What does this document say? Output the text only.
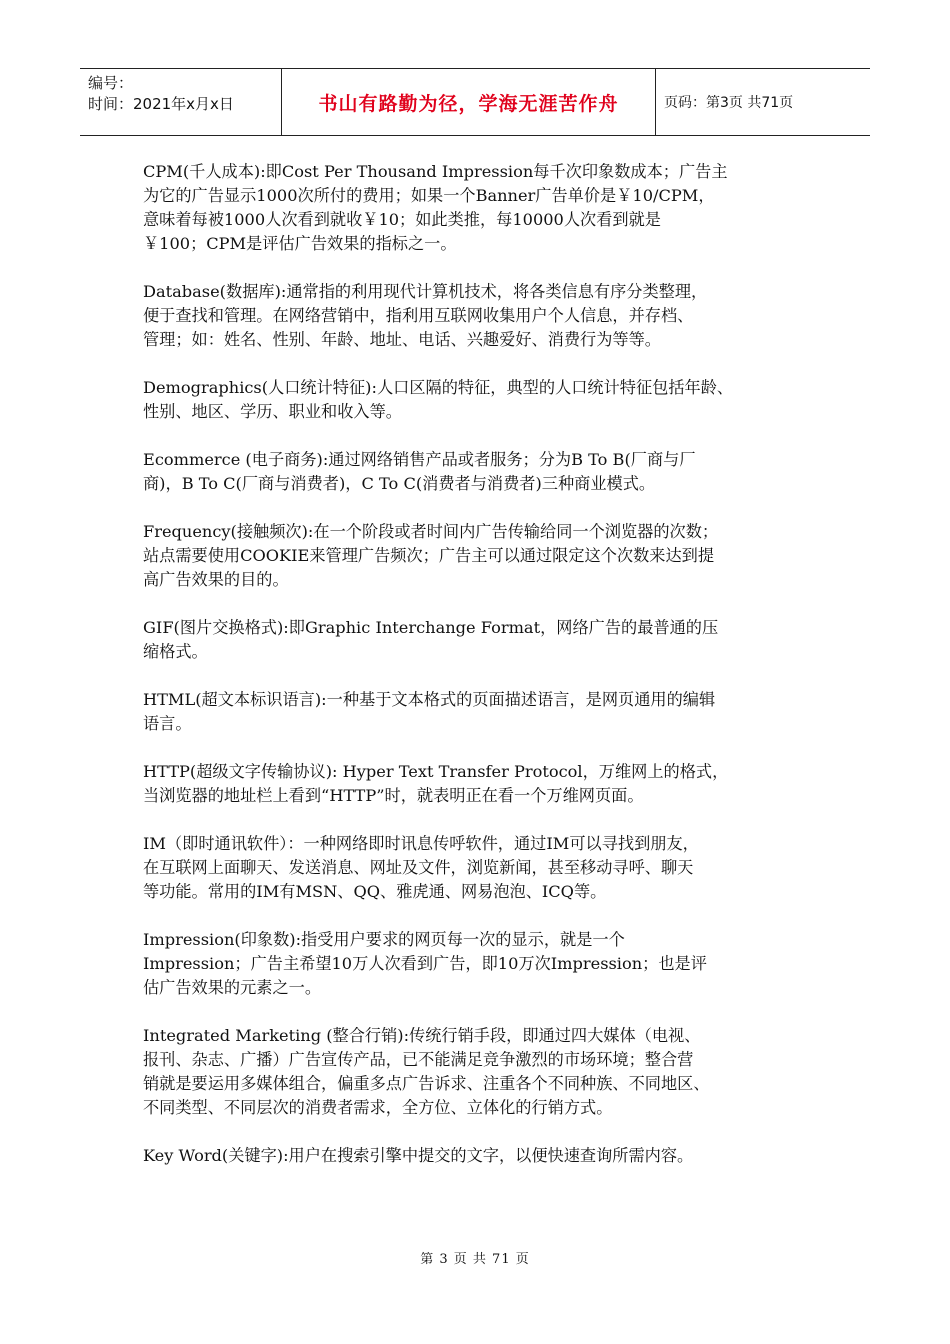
编号：
时间：2021年x月x日	书山有路勤为径，学海无涯苦作舟	页码：第3页 共71页

CPM(千人成本):即Cost Per Thousand Impression每千次印象数成本；广告主
为它的广告显示1000次所付的费用；如果一个Banner广告单价是￥10/CPM，
意味着每被1000人次看到就收￥10；如此类推，每10000人次看到就是
￥100；CPM是评估广告效果的指标之一。

Database(数据库):通常指的利用现代计算机技术，将各类信息有序分类整理，
便于查找和管理。在网络营销中，指利用互联网收集用户个人信息，并存档、
管理；如：姓名、性别、年龄、地址、电话、兴趣爱好、消费行为等等。

Demographics(人口统计特征):人口区隔的特征，典型的人口统计特征包括年龄、
性别、地区、学历、职业和收入等。

Ecommerce (电子商务):通过网络销售产品或者服务；分为B To B(厂商与厂
商)，B To C(厂商与消费者)，C To C(消费者与消费者)三种商业模式。

Frequency(接触频次):在一个阶段或者时间内广告传输给同一个浏览器的次数；
站点需要使用COOKIE来管理广告频次；广告主可以通过限定这个次数来达到提
高广告效果的目的。

GIF(图片交换格式):即Graphic Interchange Format，网络广告的最普通的压
缩格式。

HTML(超文本标识语言):一种基于文本格式的页面描述语言，是网页通用的编辑
语言。

HTTP(超级文字传输协议): Hyper Text Transfer Protocol，万维网上的格式，
当浏览器的地址栏上看到“HTTP”时，就表明正在看一个万维网页面。

IM（即时通讯软件）：一种网络即时讯息传呼软件，通过IM可以寻找到朋友，
在互联网上面聊天、发送消息、网址及文件，浏览新闻，甚至移动寻呼、聊天
等功能。常用的IM有MSN、QQ、雅虎通、网易泡泡、ICQ等。

Impression(印象数):指受用户要求的网页每一次的显示，就是一个
Impression；广告主希望10万人次看到广告，即10万次Impression；也是评
估广告效果的元素之一。

Integrated Marketing (整合行销):传统行销手段，即通过四大媒体（电视、
报刊、杂志、广播）广告宣传产品，已不能满足竞争激烈的市场环境；整合营
销就是要运用多媒体组合，偏重多点广告诉求、注重各个不同种族、不同地区、
不同类型、不同层次的消费者需求，全方位、立体化的行销方式。

Key Word(关键字):用户在搜索引擎中提交的文字，以便快速查询所需内容。

第 3 页 共 71 页
